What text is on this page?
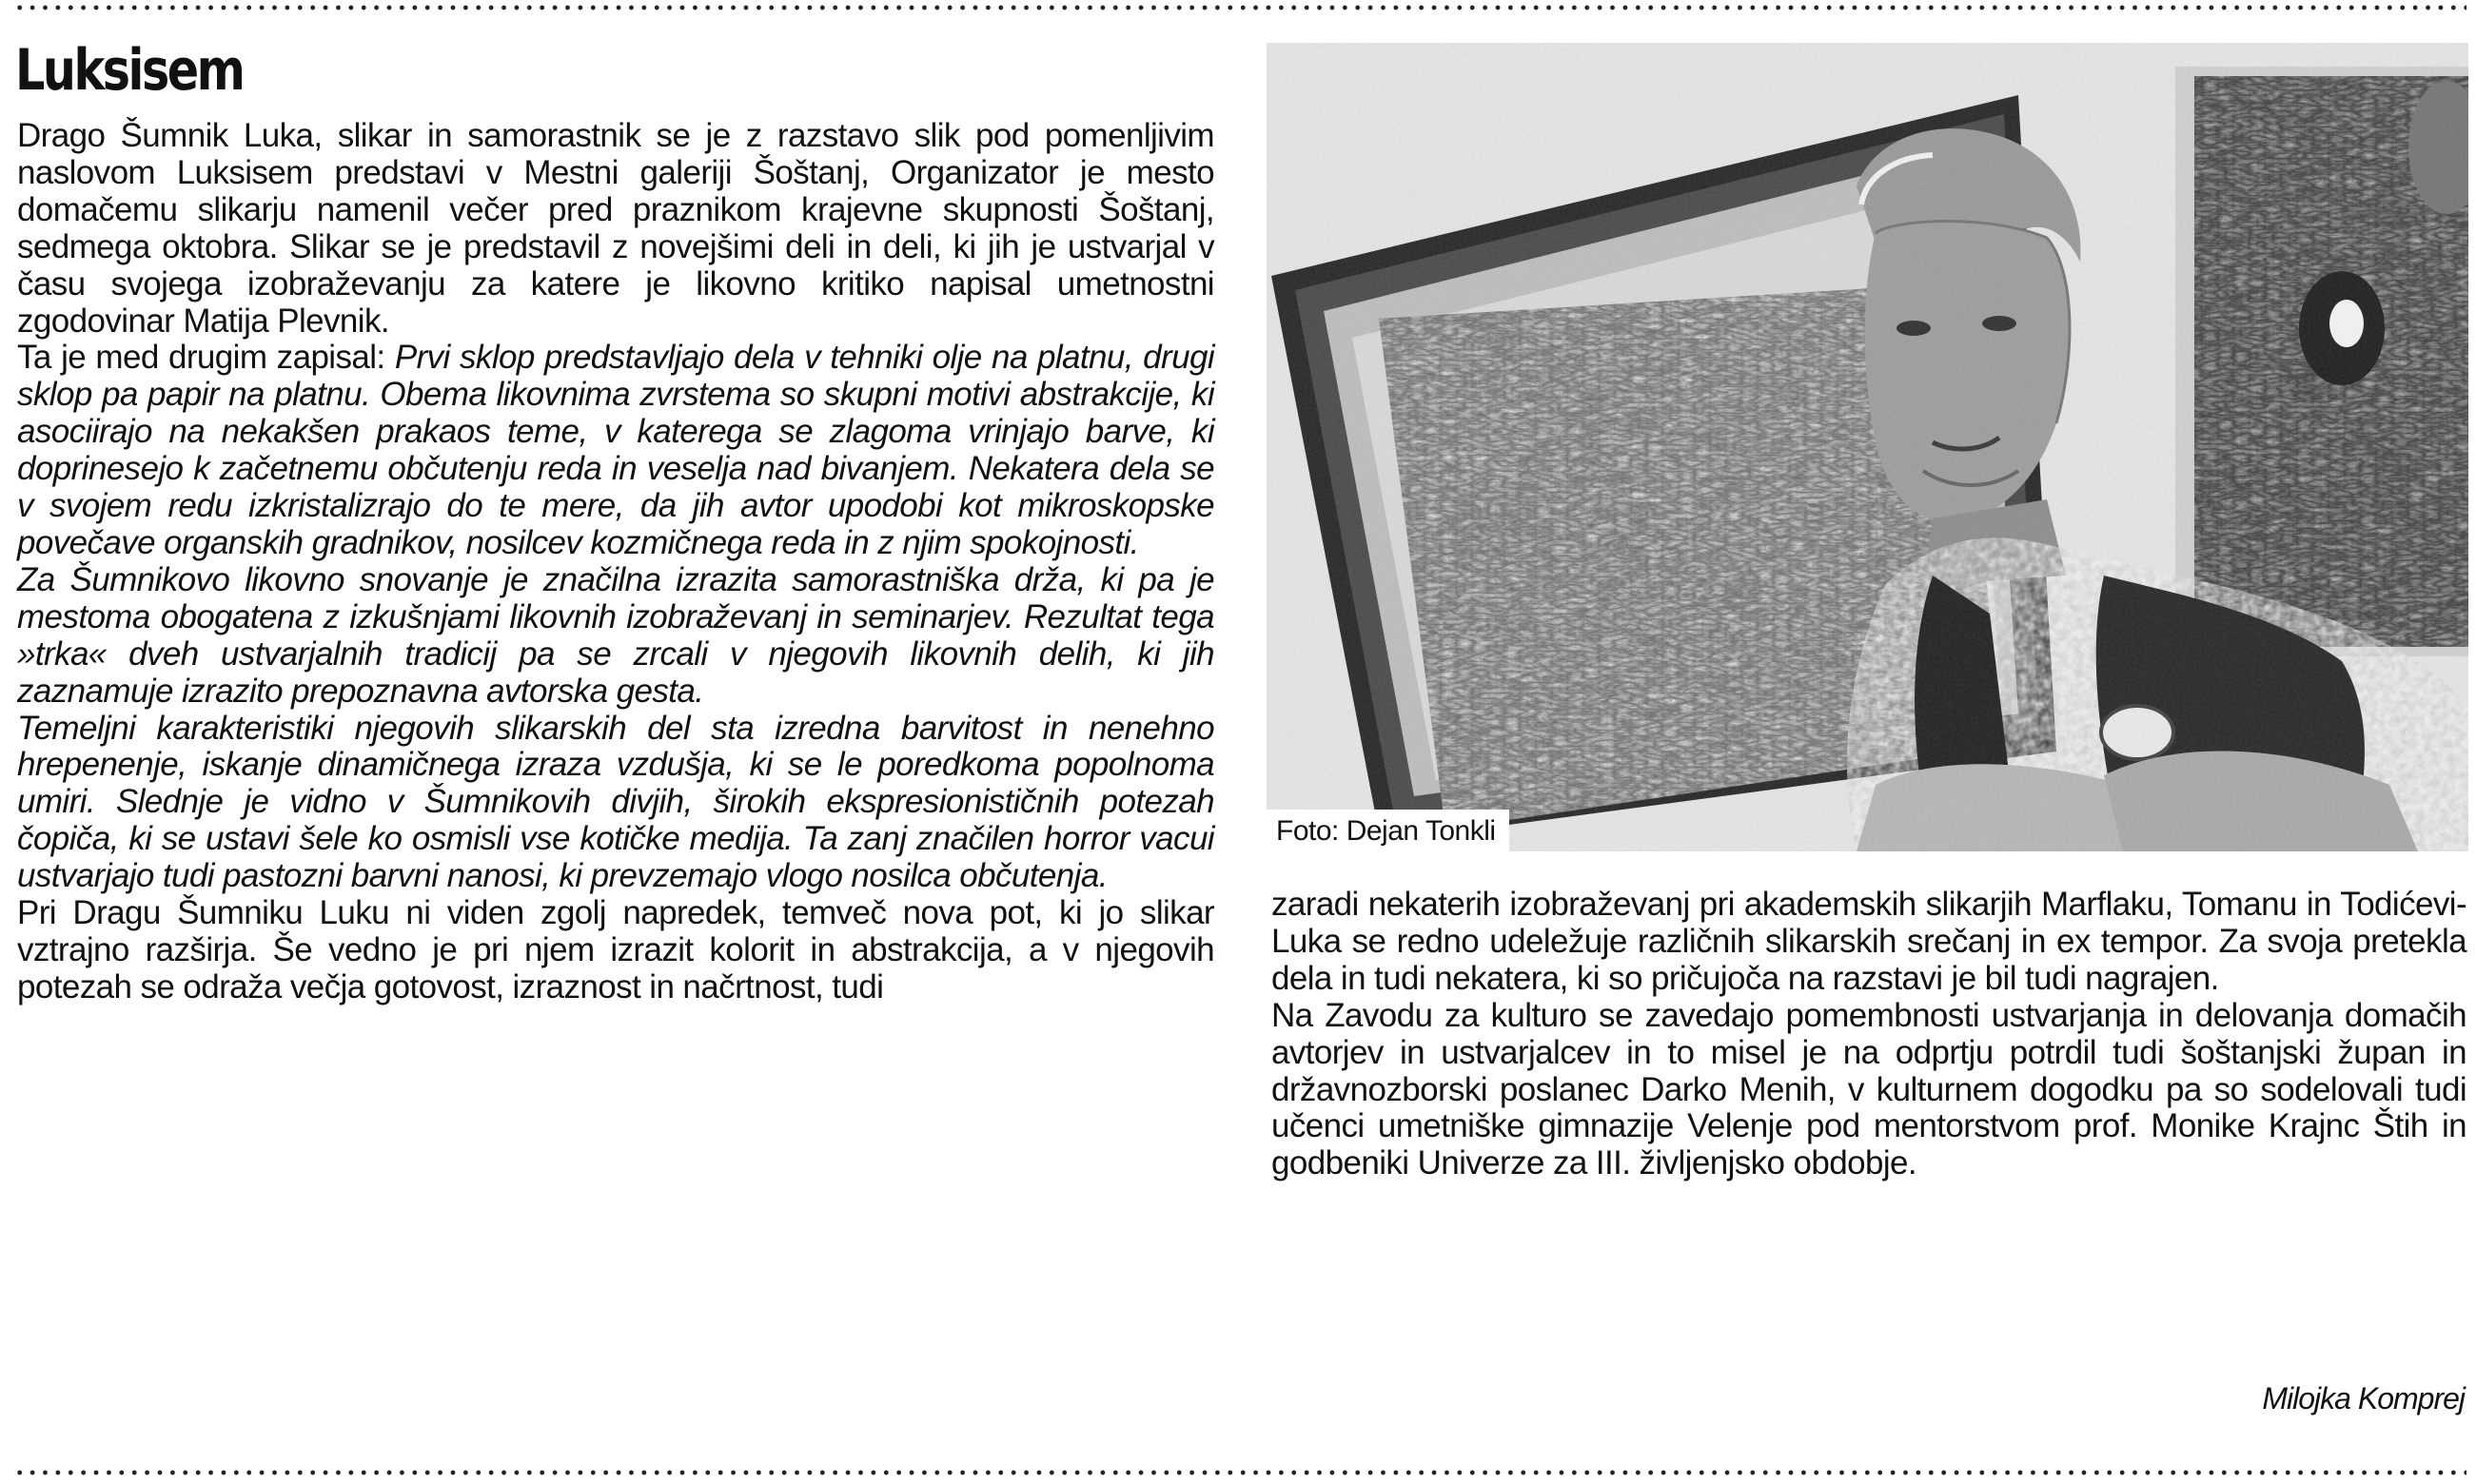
Luksisem

Drago Šumnik Luka, slikar in samorastnik se je z razstavo slik pod pomenljivim naslovom Luksisem predstavi v Mestni galeriji Šoštanj, Organizator je mesto domačemu slikarju namenil večer pred praznikom krajevne skupnosti Šoštanj, sedmega oktobra. Slikar se je predstavil z novejšimi deli in deli, ki jih je ustvarjal v času svojega izobraževanju za katere je likovno kritiko napisal umetnostni zgodovinar Matija Plevnik.

Ta je med drugim zapisal: Prvi sklop predstavljajo dela v tehniki olje na platnu, drugi sklop pa papir na platnu. Obema likovnima zvrstema so skupni motivi abstrakcije, ki asociirajo na nekakšen prakaos teme, v katerega se zlagoma vrinjajo barve, ki doprinesejo k začetnemu občutenju reda in veselja nad bivanjem. Nekatera dela se v svojem redu izkristalizrajo do te mere, da jih avtor upodobi kot mikroskopske povečave organskih gradnikov, nosilcev kozmičnega reda in z njim spokojnosti.

Za Šumnikovo likovno snovanje je značilna izrazita samorastniška drža, ki pa je mestoma obogatena z izkušnjami likovnih izobraževanj in seminarjev. Rezultat tega »trka« dveh ustvarjalnih tradicij pa se zrcali v njegovih likovnih delih, ki jih zaznamuje izrazito prepoznavna avtorska gesta.

Temeljni karakteristiki njegovih slikarskih del sta izredna barvitost in nenehno hrepenenje, iskanje dinamičnega izraza vzdušja, ki se le poredkoma popolnoma umiri. Slednje je vidno v Šumnikovih divjih, širokih ekspresionističnih potezah čopiča, ki se ustavi šele ko osmisli vse kotičke medija. Ta zanj značilen horror vacui ustvarjajo tudi pastozni barvni nanosi, ki prevzemajo vlogo nosilca občutenja.

Pri Dragu Šumniku Luku ni viden zgolj napredek, temveč nova pot, ki jo slikar vztrajno razširja. Še vedno je pri njem izrazit kolorit in abstrakcija, a v njegovih potezah se odraža večja gotovost, izraznost in načrtnost, tudi

Foto: Dejan Tonkli

zaradi nekaterih izobraževanj pri akademskih slikarjih Marflaku, Tomanu in Todićevi- Luka se redno udeležuje različnih slikarskih srečanj in ex tempor. Za svoja pretekla dela in tudi nekatera, ki so pričujoča na razstavi je bil tudi nagrajen.

Na Zavodu za kulturo se zavedajo pomembnosti ustvarjanja in delovanja domačih avtorjev in ustvarjalcev in to misel je na odprtju potrdil tudi šoštanjski župan in državnozborski poslanec Darko Menih, v kulturnem dogodku pa so sodelovali tudi učenci umetniške gimnazije Velenje pod mentorstvom prof. Monike Krajnc Štih in godbeniki Univerze za III. življenjsko obdobje.

Milojka Komprej
